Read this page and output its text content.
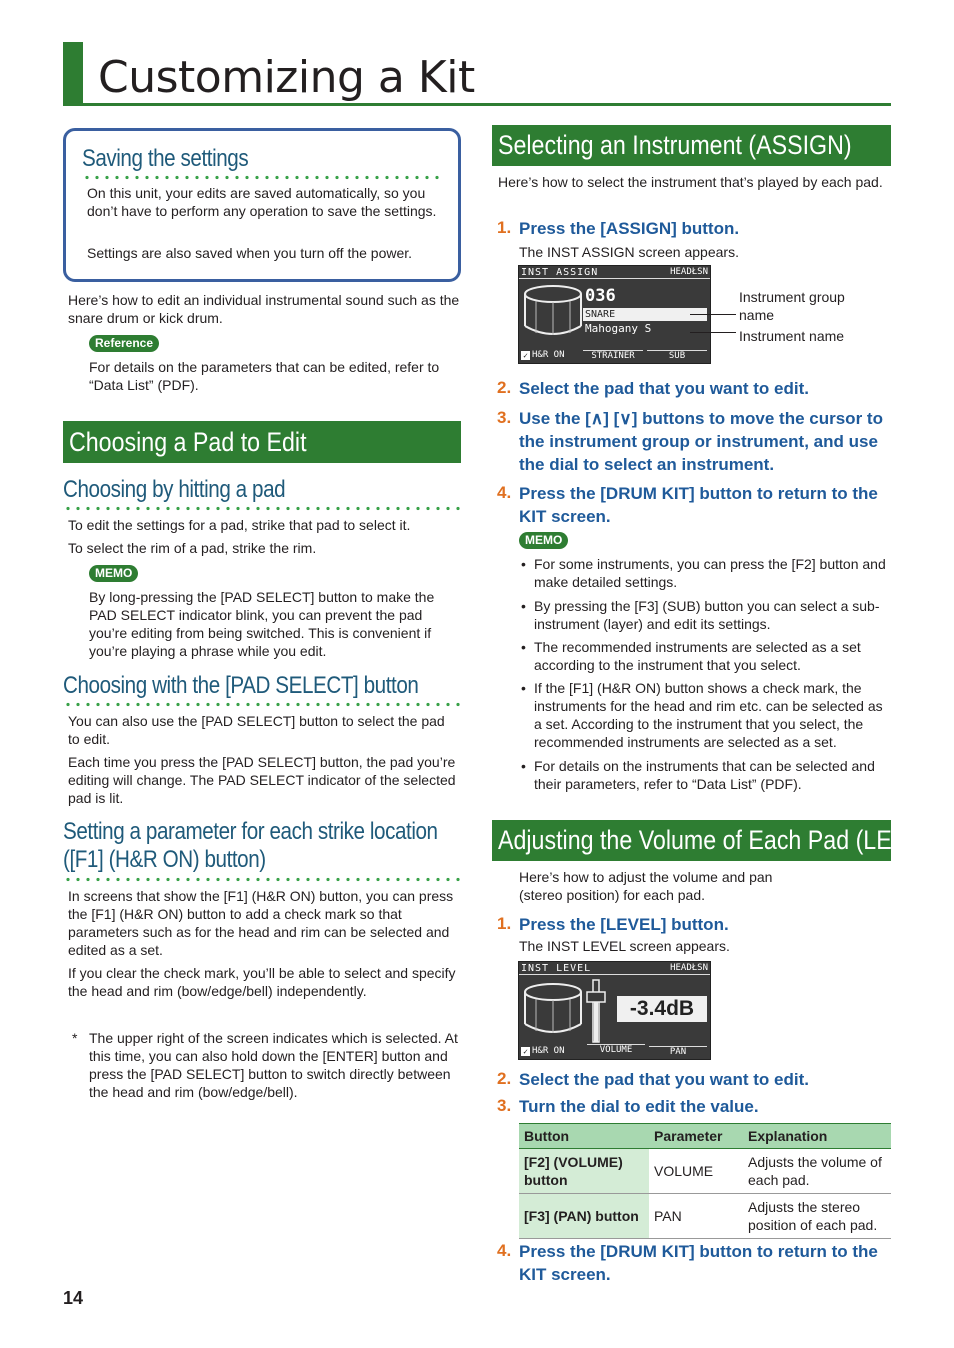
Customizing a Kit
Saving the settings
On this unit, your edits are saved automatically, so you don’t have to perform any operation to save the settings.
Settings are also saved when you turn off the power.
Here’s how to edit an individual instrumental sound such as the snare drum or kick drum.
Reference
For details on the parameters that can be edited, refer to “Data List” (PDF).
Choosing a Pad to Edit
Choosing by hitting a pad
To edit the settings for a pad, strike that pad to select it.
To select the rim of a pad, strike the rim.
MEMO
By long-pressing the [PAD SELECT] button to make the PAD SELECT indicator blink, you can prevent the pad you’re editing from being switched. This is convenient if you’re playing a phrase while you edit.
Choosing with the [PAD SELECT] button
You can also use the [PAD SELECT] button to select the pad to edit.
Each time you press the [PAD SELECT] button, the pad you’re editing will change. The PAD SELECT indicator of the selected pad is lit.
Setting a parameter for each strike location
([F1] (H&R ON) button)
In screens that show the [F1] (H&R ON) button, you can press the [F1] (H&R ON) button to add a check mark so that parameters such as for the head and rim can be selected and edited as a set.
If you clear the check mark, you’ll be able to select and specify the head and rim (bow/edge/bell) independently.
* The upper right of the screen indicates which is selected. At this time, you can also hold down the [ENTER] button and press the [PAD SELECT] button to switch directly between the head and rim (bow/edge/bell).
Selecting an Instrument (ASSIGN)
Here’s how to select the instrument that’s played by each pad.
1. Press the [ASSIGN] button.
The INST ASSIGN screen appears.
INST ASSIGN	HEADŁSN
036
SNARE
Mahogany S
✓ H&R ON	STRAINER	SUB
Instrument group name
Instrument name
2. Select the pad that you want to edit.
3. Use the [∧] [∨] buttons to move the cursor to the instrument group or instrument, and use the dial to select an instrument.
4. Press the [DRUM KIT] button to return to the KIT screen.
MEMO
• For some instruments, you can press the [F2] button and make detailed settings.
• By pressing the [F3] (SUB) button you can select a sub-instrument (layer) and edit its settings.
• The recommended instruments are selected as a set according to the instrument that you select.
• If the [F1] (H&R ON) button shows a check mark, the instruments for the head and rim etc. can be selected as a set. According to the instrument that you select, the recommended instruments are selected as a set.
• For details on the instruments that can be selected and their parameters, refer to “Data List” (PDF).
Adjusting the Volume of Each Pad (LEVEL)
Here’s how to adjust the volume and pan (stereo position) for each pad.
1. Press the [LEVEL] button.
The INST LEVEL screen appears.
INST LEVEL	HEADŁSN
-3.4dB
✓ H&R ON	VOLUME	PAN
2. Select the pad that you want to edit.
3. Turn the dial to edit the value.
Button	Parameter	Explanation
[F2] (VOLUME) button	VOLUME	Adjusts the volume of each pad.
[F3] (PAN) button	PAN	Adjusts the stereo position of each pad.
4. Press the [DRUM KIT] button to return to the KIT screen.
14
